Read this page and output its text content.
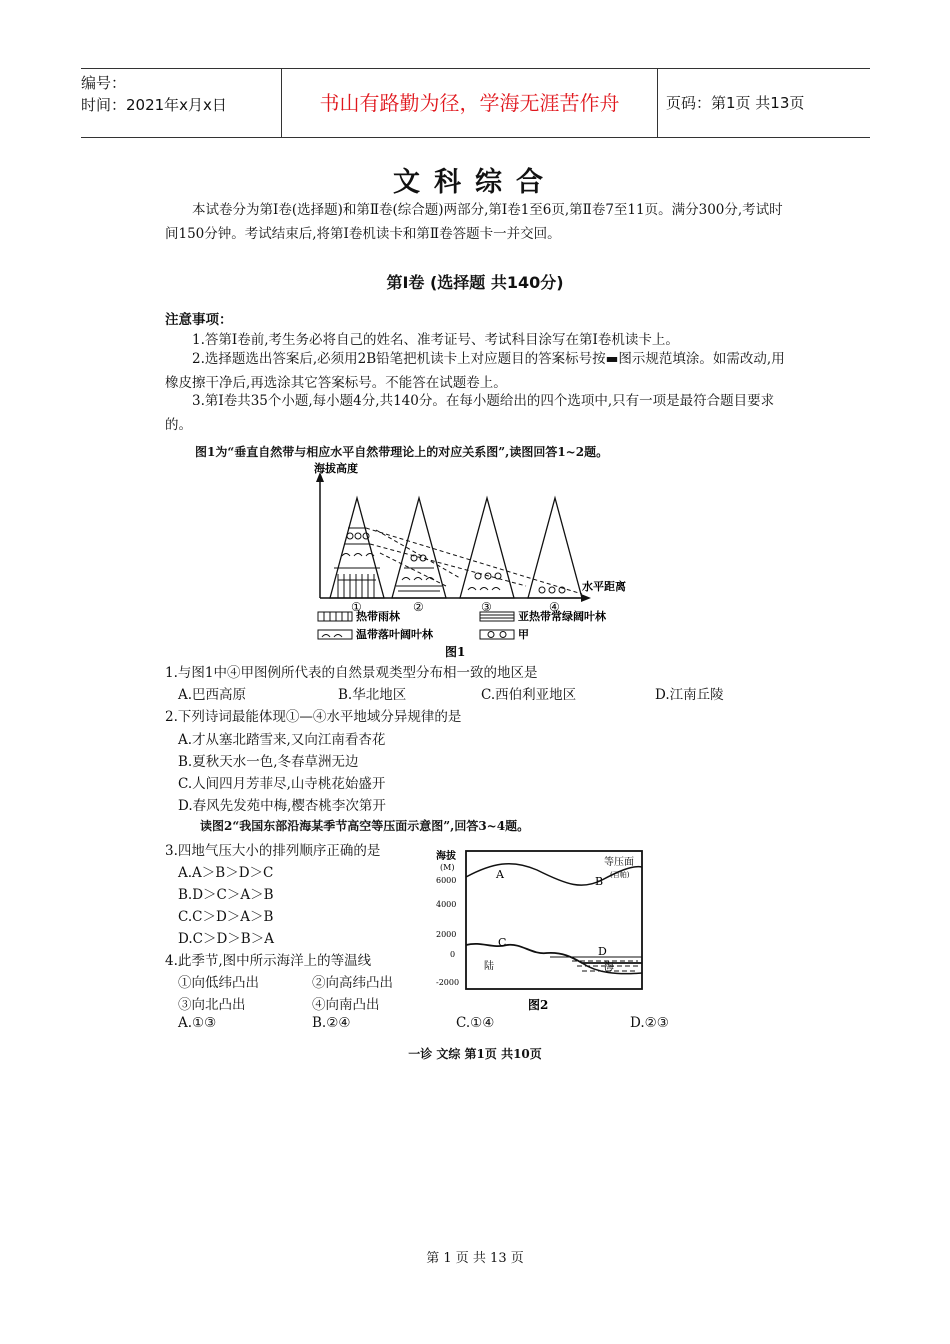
编号：
时间：2021年x月x日	书山有路勤为径，学海无涯苦作舟	页码：第1页 共13页
文科综合
本试卷分为第Ⅰ卷(选择题)和第Ⅱ卷(综合题)两部分,第Ⅰ卷1至6页,第Ⅱ卷7至11页。满分300分,考试时间150分钟。考试结束后,将第Ⅰ卷机读卡和第Ⅱ卷答题卡一并交回。
第Ⅰ卷 (选择题 共140分)
注意事项：
1.答第Ⅰ卷前,考生务必将自己的姓名、准考证号、考试科目涂写在第Ⅰ卷机读卡上。
2.选择题选出答案后,必须用2B铅笔把机读卡上对应题目的答案标号按▬图示规范填涂。如需改动,用橡皮擦干净后,再选涂其它答案标号。不能答在试题卷上。
3.第Ⅰ卷共35个小题,每小题4分,共140分。在每小题给出的四个选项中,只有一项是最符合题目要求的。
图1为“垂直自然带与相应水平自然带理论上的对应关系图”,读图回答1~2题。
海拔高度
水平距离
①	②	③	④
热带雨林	亚热带常绿阔叶林
温带落叶阔叶林	甲
图1
1.与图1中④甲图例所代表的自然景观类型分布相一致的地区是
A.巴西高原	B.华北地区	C.西伯利亚地区	D.江南丘陵
2.下列诗词最能体现①—④水平地域分异规律的是
A.才从塞北踏雪来,又向江南看杏花
B.夏秋天水一色,冬春草洲无边
C.人间四月芳菲尽,山寺桃花始盛开
D.春风先发苑中梅,樱杏桃李次第开
读图2“我国东部沿海某季节高空等压面示意图”,回答3~4题。
3.四地气压大小的排列顺序正确的是
A.A＞B＞D＞C
B.D＞C＞A＞B
C.C＞D＞A＞B
D.C＞D＞B＞A
4.此季节,图中所示海洋上的等温线
①向低纬凸出	②向高纬凸出
③向北凸出	④向南凸出
A.①③	B.②④	C.①④	D.②③
海拔
(M)
6000
4000
2000
0
-2000
A
B
C
D
等压面
(百帕)
陆	海
图2
一诊 文综 第1页 共10页
第 1 页 共 13 页
